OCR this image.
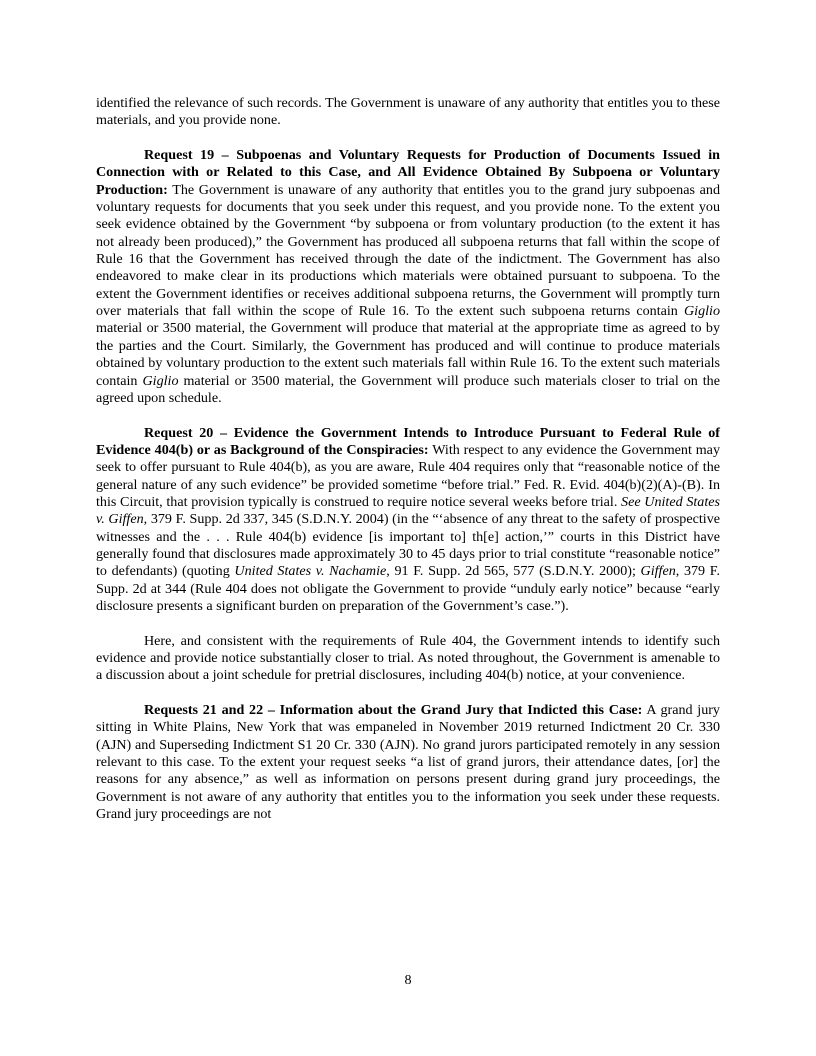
identified the relevance of such records. The Government is unaware of any authority that entitles you to these materials, and you provide none.

Request 19 – Subpoenas and Voluntary Requests for Production of Documents Issued in Connection with or Related to this Case, and All Evidence Obtained By Subpoena or Voluntary Production: The Government is unaware of any authority that entitles you to the grand jury subpoenas and voluntary requests for documents that you seek under this request, and you provide none. To the extent you seek evidence obtained by the Government “by subpoena or from voluntary production (to the extent it has not already been produced),” the Government has produced all subpoena returns that fall within the scope of Rule 16 that the Government has received through the date of the indictment. The Government has also endeavored to make clear in its productions which materials were obtained pursuant to subpoena. To the extent the Government identifies or receives additional subpoena returns, the Government will promptly turn over materials that fall within the scope of Rule 16. To the extent such subpoena returns contain Giglio material or 3500 material, the Government will produce that material at the appropriate time as agreed to by the parties and the Court. Similarly, the Government has produced and will continue to produce materials obtained by voluntary production to the extent such materials fall within Rule 16. To the extent such materials contain Giglio material or 3500 material, the Government will produce such materials closer to trial on the agreed upon schedule.

Request 20 – Evidence the Government Intends to Introduce Pursuant to Federal Rule of Evidence 404(b) or as Background of the Conspiracies: With respect to any evidence the Government may seek to offer pursuant to Rule 404(b), as you are aware, Rule 404 requires only that “reasonable notice of the general nature of any such evidence” be provided sometime “before trial.” Fed. R. Evid. 404(b)(2)(A)-(B). In this Circuit, that provision typically is construed to require notice several weeks before trial. See United States v. Giffen, 379 F. Supp. 2d 337, 345 (S.D.N.Y. 2004) (in the “‘absence of any threat to the safety of prospective witnesses and the . . . Rule 404(b) evidence [is important to] th[e] action,’” courts in this District have generally found that disclosures made approximately 30 to 45 days prior to trial constitute “reasonable notice” to defendants) (quoting United States v. Nachamie, 91 F. Supp. 2d 565, 577 (S.D.N.Y. 2000); Giffen, 379 F. Supp. 2d at 344 (Rule 404 does not obligate the Government to provide “unduly early notice” because “early disclosure presents a significant burden on preparation of the Government’s case.”).

Here, and consistent with the requirements of Rule 404, the Government intends to identify such evidence and provide notice substantially closer to trial. As noted throughout, the Government is amenable to a discussion about a joint schedule for pretrial disclosures, including 404(b) notice, at your convenience.

Requests 21 and 22 – Information about the Grand Jury that Indicted this Case: A grand jury sitting in White Plains, New York that was empaneled in November 2019 returned Indictment 20 Cr. 330 (AJN) and Superseding Indictment S1 20 Cr. 330 (AJN). No grand jurors participated remotely in any session relevant to this case. To the extent your request seeks “a list of grand jurors, their attendance dates, [or] the reasons for any absence,” as well as information on persons present during grand jury proceedings, the Government is not aware of any authority that entitles you to the information you seek under these requests. Grand jury proceedings are not

8
